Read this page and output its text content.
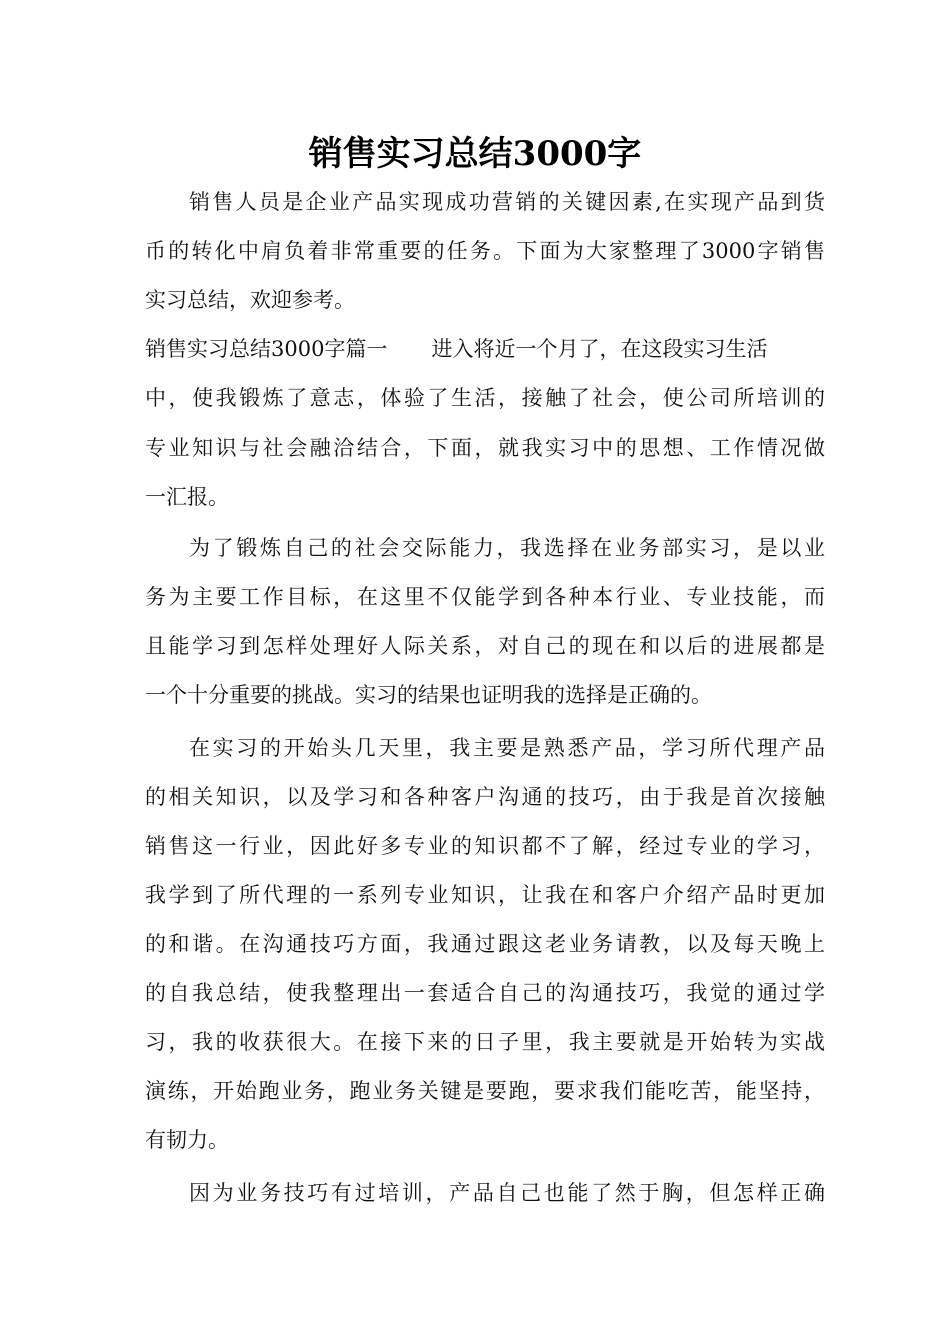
销售实习总结3000字

销售人员是企业产品实现成功营销的关键因素,在实现产品到货

币的转化中肩负着非常重要的任务。下面为大家整理了3000字销售

实习总结，欢迎参考。

销售实习总结3000字篇一 进入将近一个月了，在这段实习生活

中，使我锻炼了意志，体验了生活，接触了社会，使公司所培训的

专业知识与社会融洽结合，下面，就我实习中的思想、工作情况做

一汇报。

为了锻炼自己的社会交际能力，我选择在业务部实习，是以业

务为主要工作目标，在这里不仅能学到各种本行业、专业技能，而

且能学习到怎样处理好人际关系，对自己的现在和以后的进展都是

一个十分重要的挑战。实习的结果也证明我的选择是正确的。

在实习的开始头几天里，我主要是熟悉产品，学习所代理产品

的相关知识，以及学习和各种客户沟通的技巧，由于我是首次接触

销售这一行业，因此好多专业的知识都不了解，经过专业的学习，

我学到了所代理的一系列专业知识，让我在和客户介绍产品时更加

的和谐。在沟通技巧方面，我通过跟这老业务请教，以及每天晚上

的自我总结，使我整理出一套适合自己的沟通技巧，我觉的通过学

习，我的收获很大。在接下来的日子里，我主要就是开始转为实战

演练，开始跑业务，跑业务关键是要跑，要求我们能吃苦，能坚持，

有韧力。

因为业务技巧有过培训，产品自己也能了然于胸，但怎样正确
